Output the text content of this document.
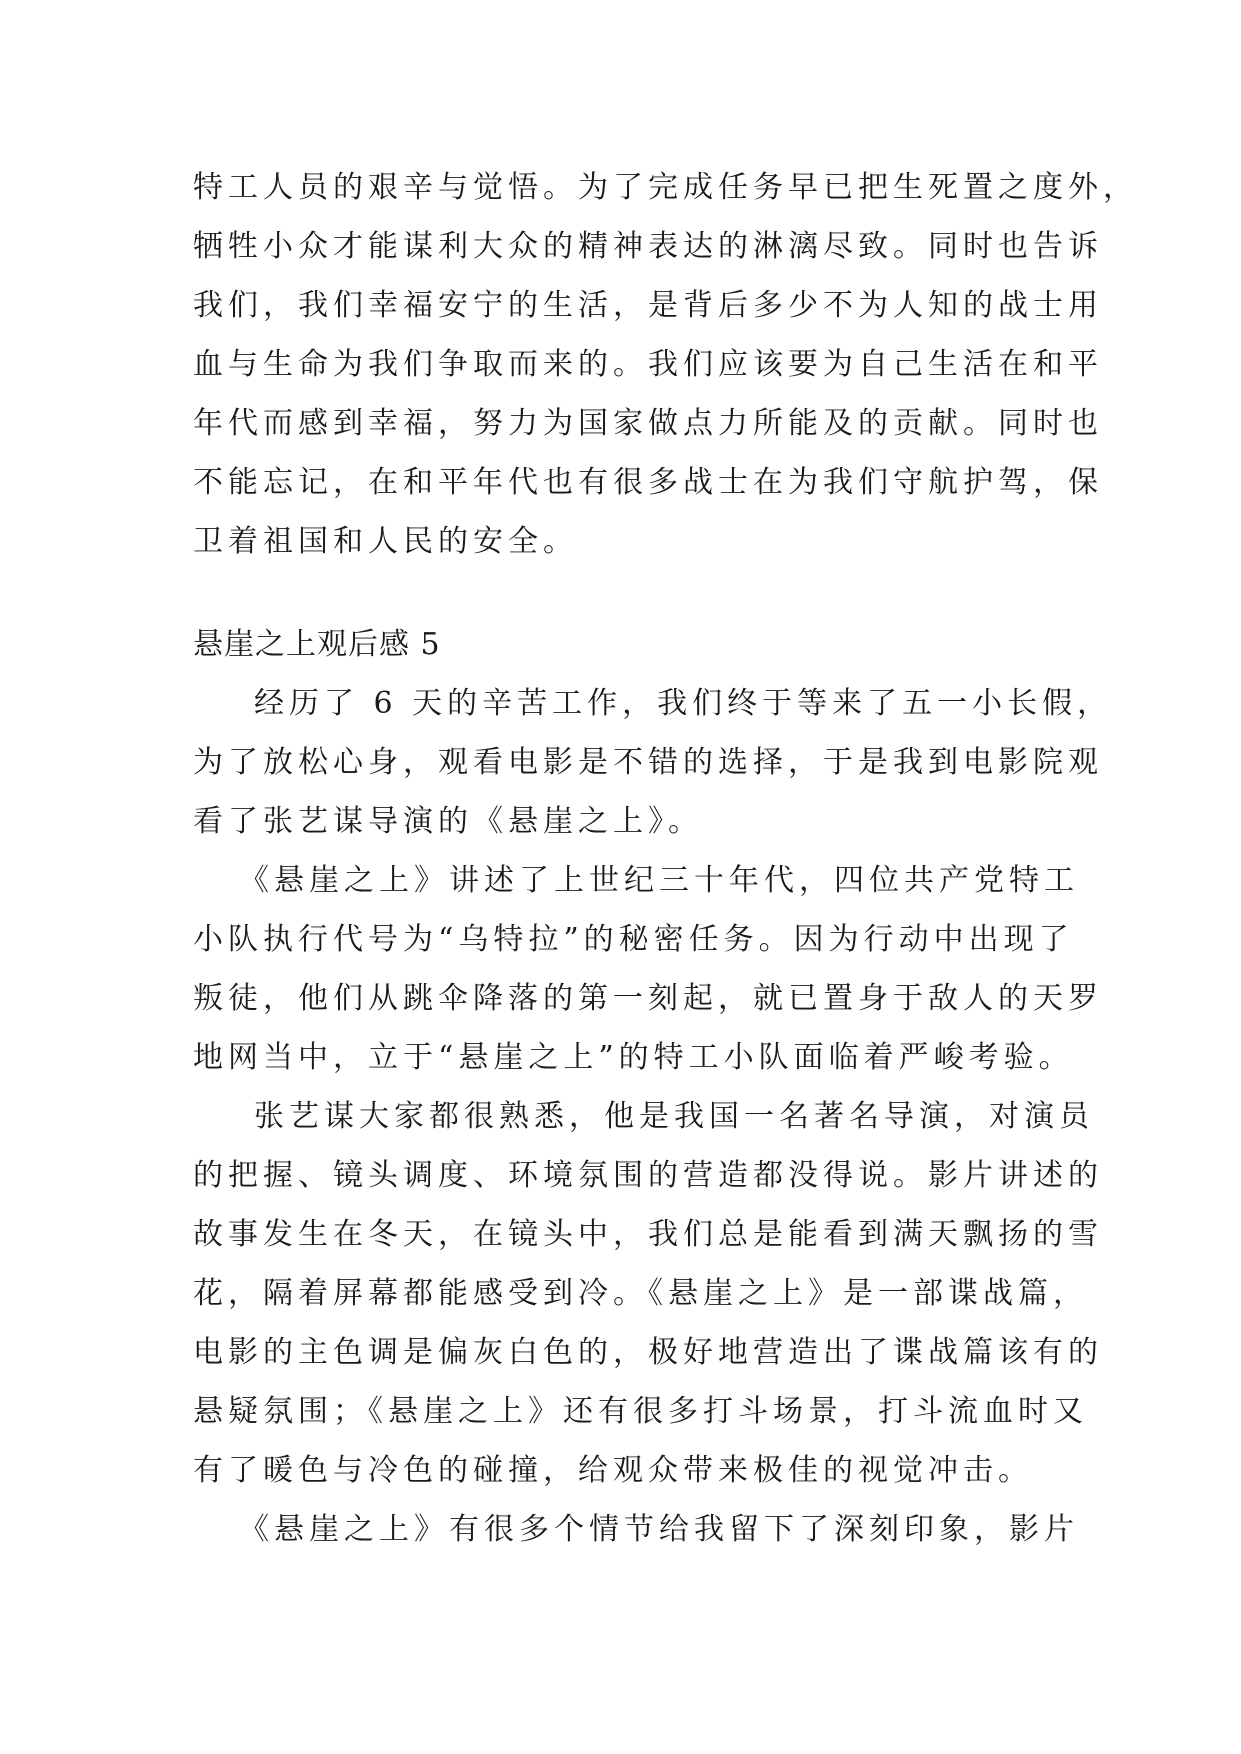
特工人员的艰辛与觉悟。为了完成任务早已把生死置之度外，
牺牲小众才能谋利大众的精神表达的淋漓尽致。同时也告诉
我们，我们幸福安宁的生活，是背后多少不为人知的战士用
血与生命为我们争取而来的。我们应该要为自己生活在和平
年代而感到幸福，努力为国家做点力所能及的贡献。同时也
不能忘记，在和平年代也有很多战士在为我们守航护驾，保
卫着祖国和人民的安全。
悬崖之上观后感 5
经历了 6 天的辛苦工作，我们终于等来了五一小长假，
为了放松心身，观看电影是不错的选择，于是我到电影院观
看了张艺谋导演的《悬崖之上》。
《悬崖之上》讲述了上世纪三十年代，四位共产党特工
小队执行代号为“乌特拉”的秘密任务。因为行动中出现了
叛徒，他们从跳伞降落的第一刻起，就已置身于敌人的天罗
地网当中，立于“悬崖之上”的特工小队面临着严峻考验。
张艺谋大家都很熟悉，他是我国一名著名导演，对演员
的把握、镜头调度、环境氛围的营造都没得说。影片讲述的
故事发生在冬天，在镜头中，我们总是能看到满天飘扬的雪
花，隔着屏幕都能感受到冷。《悬崖之上》是一部谍战篇，
电影的主色调是偏灰白色的，极好地营造出了谍战篇该有的
悬疑氛围；《悬崖之上》还有很多打斗场景，打斗流血时又
有了暖色与冷色的碰撞，给观众带来极佳的视觉冲击。
《悬崖之上》有很多个情节给我留下了深刻印象，影片
